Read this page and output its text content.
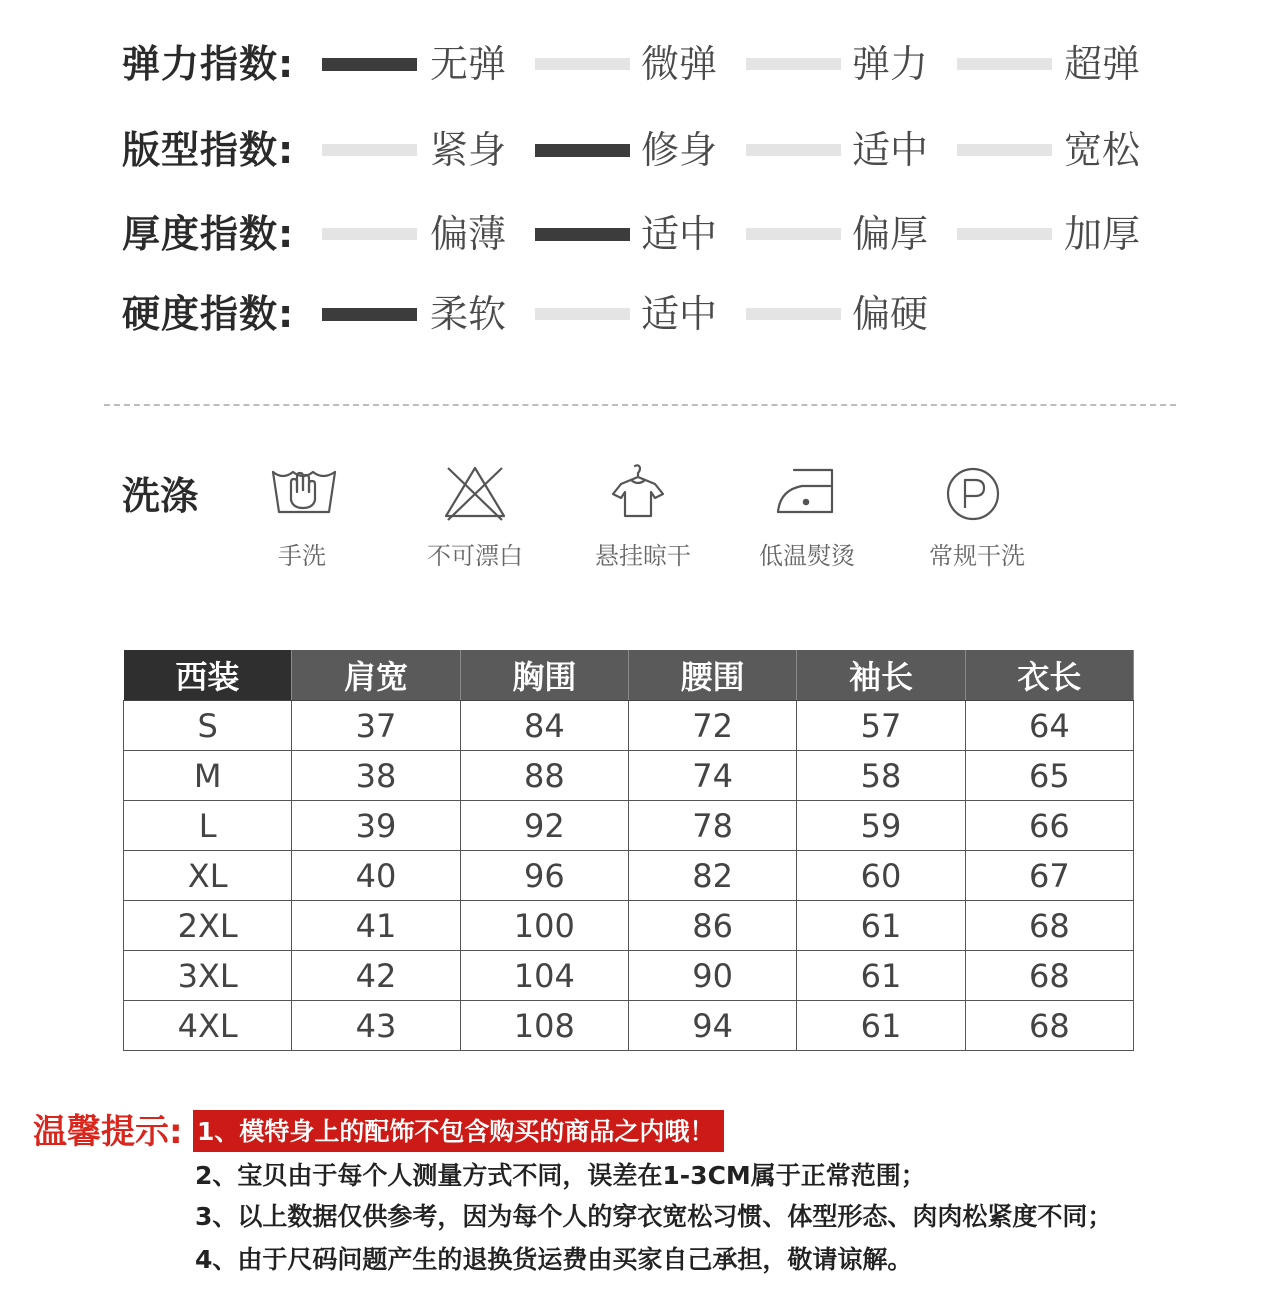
弹力指数:	无弹	微弹	弹力	超弹
版型指数:	紧身	修身	适中	宽松
厚度指数:	偏薄	适中	偏厚	加厚
硬度指数:	柔软	适中	偏硬
洗涤
手洗	不可漂白	悬挂晾干	低温熨烫	常规干洗
西装	肩宽	胸围	腰围	袖长	衣长
S	37	84	72	57	64
M	38	88	74	58	65
L	39	92	78	59	66
XL	40	96	82	60	67
2XL	41	100	86	61	68
3XL	42	104	90	61	68
4XL	43	108	94	61	68
温馨提示: 1、模特身上的配饰不包含购买的商品之内哦！
2、宝贝由于每个人测量方式不同，误差在1-3CM属于正常范围；
3、以上数据仅供参考，因为每个人的穿衣宽松习惯、体型形态、肉肉松紧度不同；
4、由于尺码问题产生的退换货运费由买家自己承担，敬请谅解。
